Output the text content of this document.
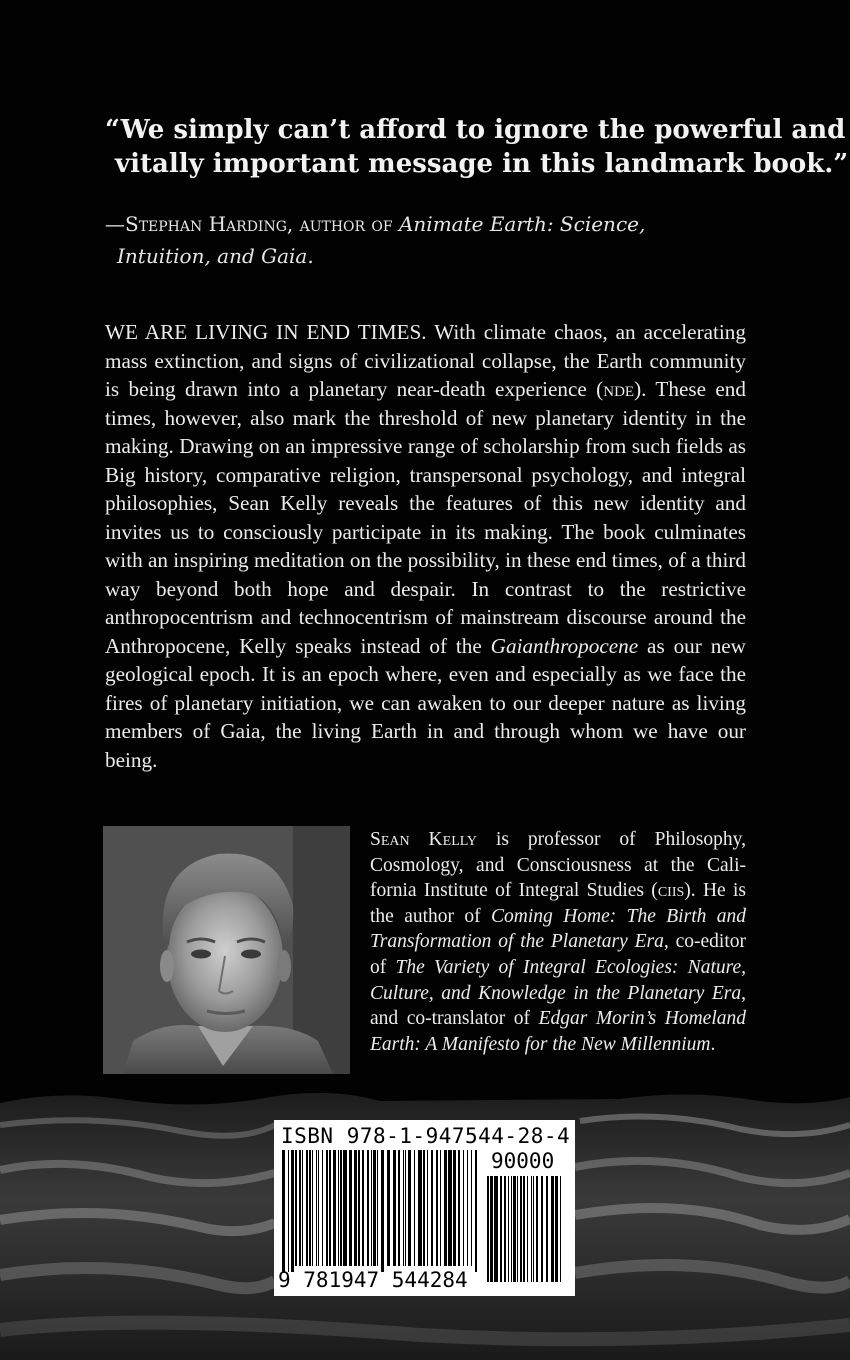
“We simply can’t afford to ignore the powerful and
vitally important message in this landmark book.”
—Stephan Harding, author of Animate Earth: Science,
Intuition, and Gaia.

WE ARE LIVING IN END TIMES. With climate chaos, an accelerating mass extinction, and signs of civilizational collapse, the Earth community is being drawn into a planetary near-death experience (nde). These end times, however, also mark the threshold of new planetary identity in the making. Drawing on an impressive range of scholarship from such fields as Big history, comparative religion, transpersonal psychology, and integral philosophies, Sean Kelly reveals the features of this new identity and invites us to consciously participate in its making. The book culminates with an inspiring meditation on the possibility, in these end times, of a third way beyond both hope and despair. In contrast to the restrictive anthropocentrism and technocentrism of mainstream discourse around the Anthropocene, Kelly speaks instead of the Gaianthropocene as our new geological epoch. It is an epoch where, even and especially as we face the fires of planetary initiation, we can awaken to our deeper nature as living members of Gaia, the living Earth in and through whom we have our being.

Sean Kelly is professor of Philosophy, Cosmology, and Consciousness at the California Institute of Integral Studies (ciis). He is the author of Coming Home: The Birth and Transformation of the Planetary Era, co-editor of The Variety of Integral Ecologies: Nature, Culture, and Knowledge in the Planetary Era, and co-translator of Edgar Morin’s Homeland Earth: A Manifesto for the New Millennium.

ISBN 978-1-947544-28-4
90000
9 781947 544284
